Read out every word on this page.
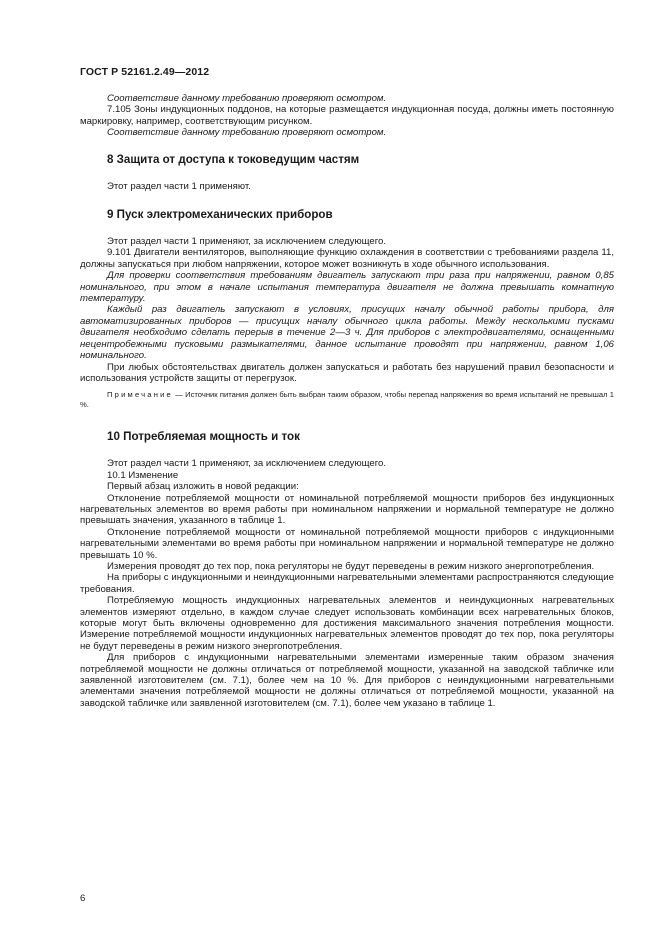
ГОСТ Р 52161.2.49—2012

Соответствие данному требованию проверяют осмотром.

7.105 Зоны индукционных поддонов, на которые размещается индукционная посуда, должны иметь постоянную маркировку, например, соответствующим рисунком.

Соответствие данному требованию проверяют осмотром.

8 Защита от доступа к токоведущим частям

Этот раздел части 1 применяют.

9 Пуск электромеханических приборов

Этот раздел части 1 применяют, за исключением следующего.

9.101 Двигатели вентиляторов, выполняющие функцию охлаждения в соответствии с требованиями раздела 11, должны запускаться при любом напряжении, которое может возникнуть в ходе обычного использования.

Для проверки соответствия требованиям двигатель запускают три раза при напряжении, равном 0,85 номинального, при этом в начале испытания температура двигателя не должна превышать комнатную температуру.

Каждый раз двигатель запускают в условиях, присущих началу обычной работы прибора, для автоматизированных приборов — присущих началу обычного цикла работы. Между несколькими пусками двигателя необходимо сделать перерыв в течение 2—3 ч. Для приборов с электродвигателями, оснащенными нецентробежными пусковыми размыкателями, данное испытание проводят при напряжении, равном 1,06 номинального.

При любых обстоятельствах двигатель должен запускаться и работать без нарушений правил безопасности и использования устройств защиты от перегрузок.

Примечание — Источник питания должен быть выбран таким образом, чтобы перепад напряжения во время испытаний не превышал 1 %.

10 Потребляемая мощность и ток

Этот раздел части 1 применяют, за исключением следующего.

10.1 Изменение

Первый абзац изложить в новой редакции:

Отклонение потребляемой мощности от номинальной потребляемой мощности приборов без индукционных нагревательных элементов во время работы при номинальном напряжении и нормальной температуре не должно превышать значения, указанного в таблице 1.

Отклонение потребляемой мощности от номинальной потребляемой мощности приборов с индукционными нагревательными элементами во время работы при номинальном напряжении и нормальной температуре не должно превышать 10 %.

Измерения проводят до тех пор, пока регуляторы не будут переведены в режим низкого энергопотребления.

На приборы с индукционными и неиндукционными нагревательными элементами распространяются следующие требования.

Потребляемую мощность индукционных нагревательных элементов и неиндукционных нагревательных элементов измеряют отдельно, в каждом случае следует использовать комбинации всех нагревательных блоков, которые могут быть включены одновременно для достижения максимального значения потребления мощности. Измерение потребляемой мощности индукционных нагревательных элементов проводят до тех пор, пока регуляторы не будут переведены в режим низкого энергопотребления.

Для приборов с индукционными нагревательными элементами измеренные таким образом значения потребляемой мощности не должны отличаться от потребляемой мощности, указанной на заводской табличке или заявленной изготовителем (см. 7.1), более чем на 10 %. Для приборов с неиндукционными нагревательными элементами значения потребляемой мощности не должны отличаться от потребляемой мощности, указанной на заводской табличке или заявленной изготовителем (см. 7.1), более чем указано в таблице 1.

6
